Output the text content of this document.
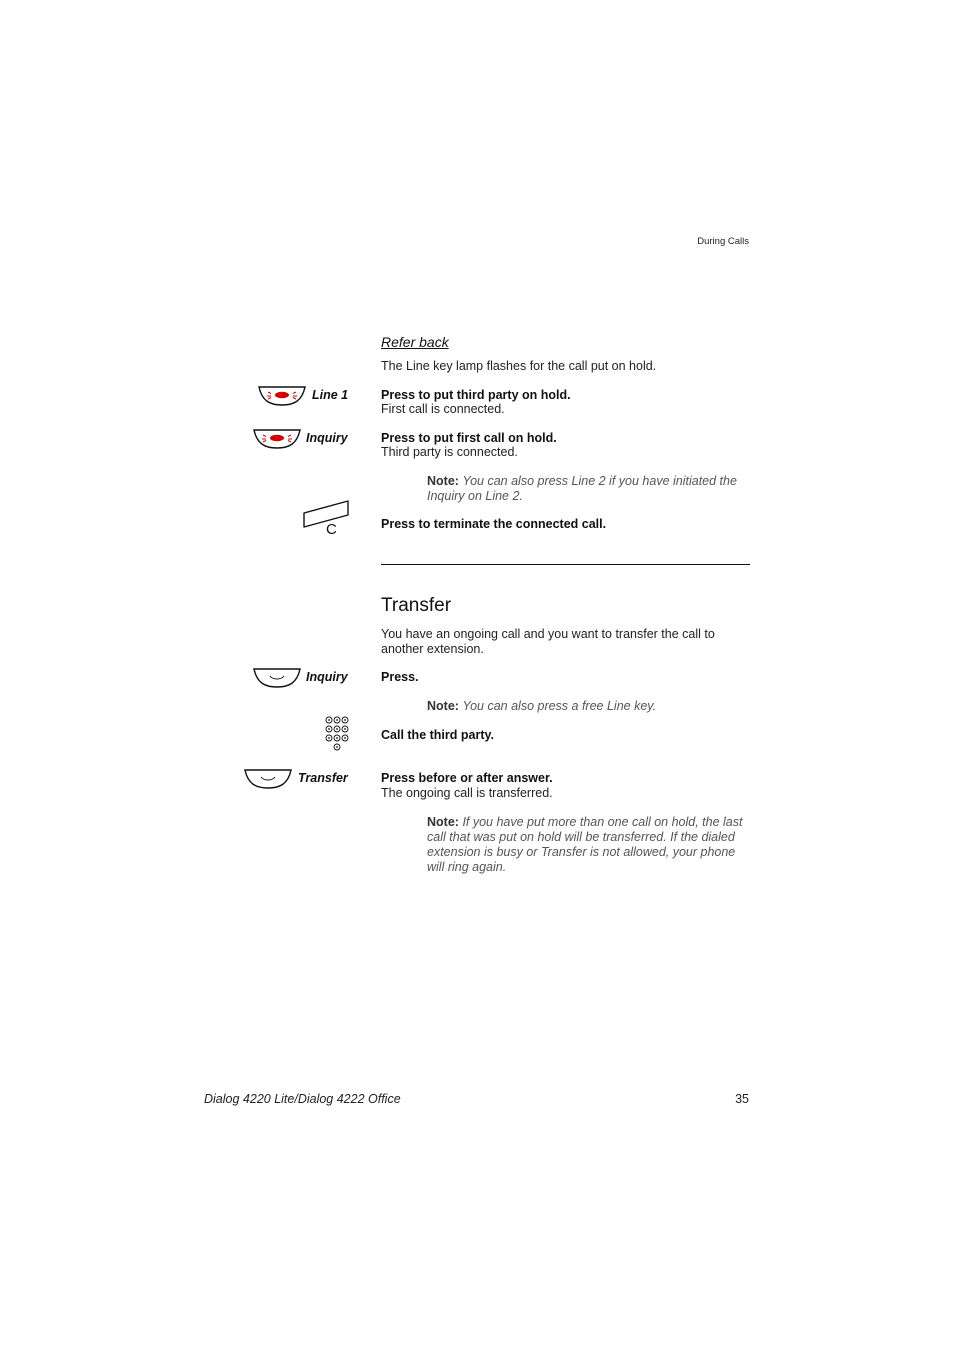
During Calls
Refer back
The Line key lamp flashes for the call put on hold.
Line 1	Press to put third party on hold.
First call is connected.
Inquiry	Press to put first call on hold.
Third party is connected.
Note: You can also press Line 2 if you have initiated the Inquiry on Line 2.
C	Press to terminate the connected call.
Transfer
You have an ongoing call and you want to transfer the call to another extension.
Inquiry	Press.
Note: You can also press a free Line key.
Call the third party.
Transfer	Press before or after answer.
The ongoing call is transferred.
Note: If you have put more than one call on hold, the last call that was put on hold will be transferred. If the dialed extension is busy or Transfer is not allowed, your phone will ring again.
Dialog 4220 Lite/Dialog 4222 Office	35
